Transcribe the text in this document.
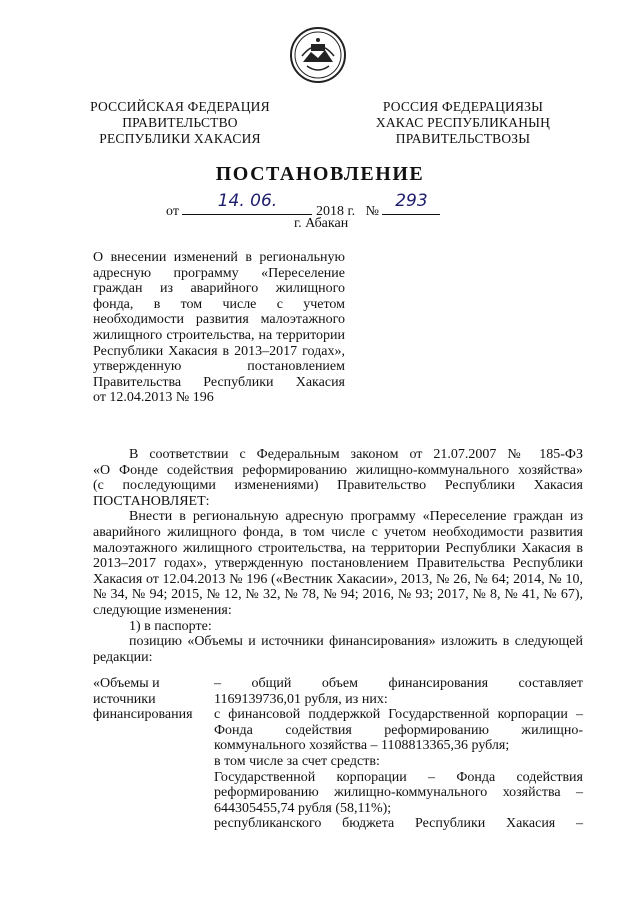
РОССИЙСКАЯ ФЕДЕРАЦИЯ
ПРАВИТЕЛЬСТВО
РЕСПУБЛИКИ ХАКАСИЯ
РОССИЯ ФЕДЕРАЦИЯЗЫ
ХАКАС РЕСПУБЛИКАНЫҢ
ПРАВИТЕЛЬСТВОЗЫ
ПОСТАНОВЛЕНИЕ
от
14. 06.
2018 г. №
293
г. Абакан
О внесении изменений в региональную
адресную программу «Переселение
граждан из аварийного жилищного
фонда, в том числе с учетом
необходимости развития малоэтажного
жилищного строительства, на территории
Республики Хакасия в 2013–2017 годах»,
утвержденную постановлением
Правительства Республики Хакасия
от 12.04.2013 № 196
В соответствии с Федеральным законом от 21.07.2007 № 185-ФЗ
«О Фонде содействия реформированию жилищно-коммунального хозяйства»
(с последующими изменениями) Правительство Республики Хакасия
ПОСТАНОВЛЯЕТ:
Внести в региональную адресную программу «Переселение граждан из
аварийного жилищного фонда, в том числе с учетом необходимости развития
малоэтажного жилищного строительства, на территории Республики Хакасия в
2013–2017 годах», утвержденную постановлением Правительства Республики
Хакасия от 12.04.2013 № 196 («Вестник Хакасии», 2013, № 26, № 64; 2014, № 10,
№ 34, № 94; 2015, № 12, № 32, № 78, № 94; 2016, № 93; 2017, № 8, № 41, № 67),
следующие изменения:
1) в паспорте:
позицию «Объемы и источники финансирования» изложить в следующей
редакции:
«Объемы и
источники
финансирования
– общий объем финансирования составляет
1169139736,01 рубля, из них:
с финансовой поддержкой Государственной корпорации –
Фонда содействия реформированию жилищно-
коммунального хозяйства – 1108813365,36 рубля;
в том числе за счет средств:
Государственной корпорации – Фонда содействия
реформированию жилищно-коммунального хозяйства –
644305455,74 рубля (58,11%);
республиканского бюджета Республики Хакасия –
